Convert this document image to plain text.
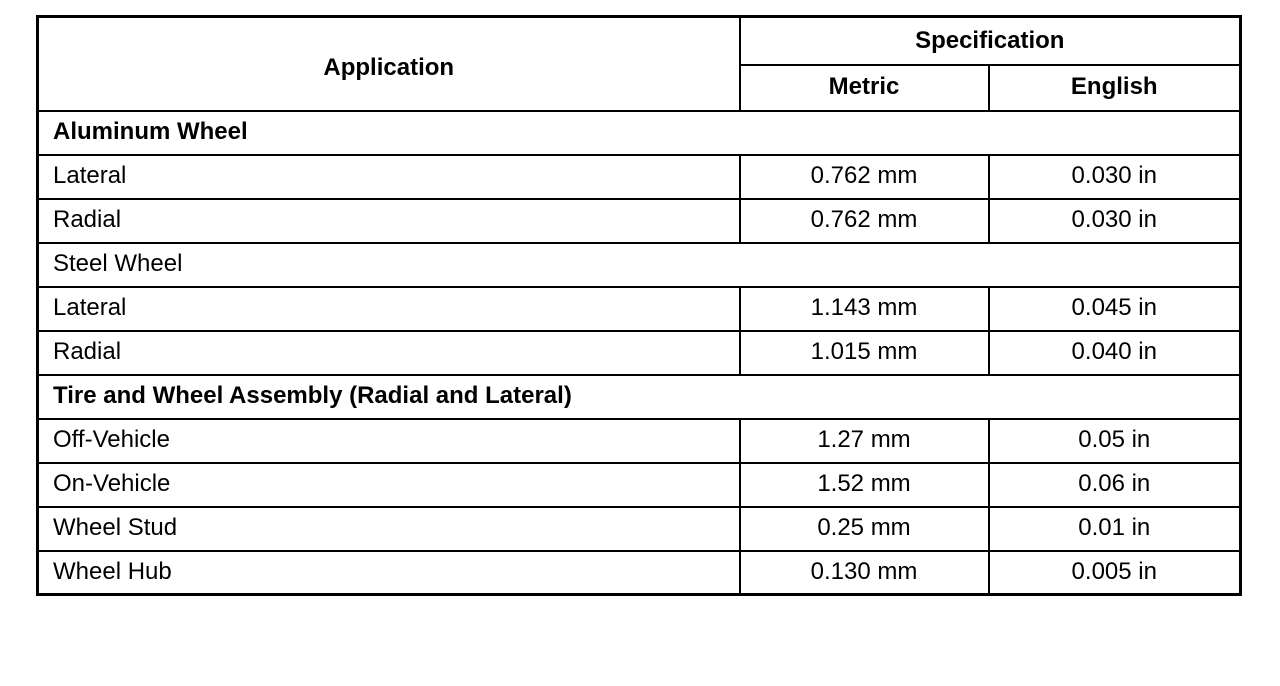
Application	Specification	
	Metric	English
Aluminum Wheel		
Lateral	0.762 mm	0.030 in
Radial	0.762 mm	0.030 in
Steel Wheel		
Lateral	1.143 mm	0.045 in
Radial	1.015 mm	0.040 in
Tire and Wheel Assembly (Radial and Lateral)		
Off-Vehicle	1.27 mm	0.05 in
On-Vehicle	1.52 mm	0.06 in
Wheel Stud	0.25 mm	0.01 in
Wheel Hub	0.130 mm	0.005 in
